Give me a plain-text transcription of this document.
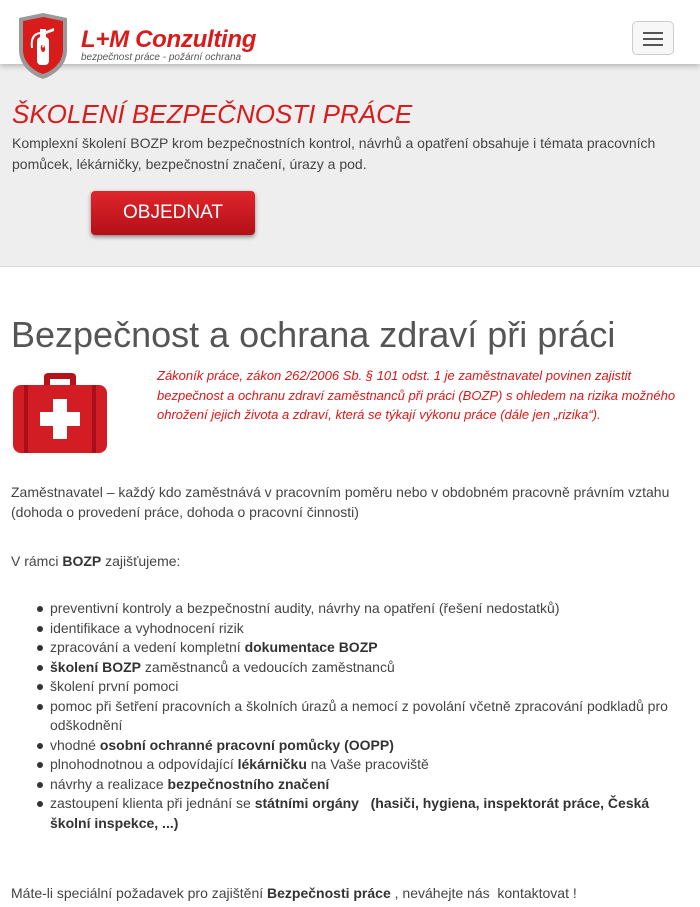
L+M Conzulting
bezpečnost práce - požární ochrana
ŠKOLENÍ BEZPEČNOSTI PRÁCE

Komplexní školení BOZP krom bezpečnostních kontrol, návrhů a opatření obsahuje i témata pracovních pomůcek, lékárničky, bezpečnostní značení, úrazy a pod.

OBJEDNAT
Bezpečnost a ochrana zdraví při práci

Zákoník práce, zákon 262/2006 Sb. § 101 odst. 1 je zaměstnavatel povinen zajistit bezpečnost a ochranu zdraví zaměstnanců při práci (BOZP) s ohledem na rizika možného ohrožení jejich života a zdraví, která se týkají výkonu práce (dále jen „rizika“).

Zaměstnavatel – každý kdo zaměstnává v pracovním poměru nebo v obdobném pracovně právním vztahu (dohoda o provedení práce, dohoda o pracovní činnosti)

V rámci BOZP zajišťujeme:

preventivní kontroly a bezpečnostní audity, návrhy na opatření (řešení nedostatků)
identifikace a vyhodnocení rizik
zpracování a vedení kompletní dokumentace BOZP
školení BOZP zaměstnanců a vedoucích zaměstnanců
školení první pomoci
pomoc při šetření pracovních a školních úrazů a nemocí z povolání včetně zpracování podkladů pro odškodnění
vhodné osobní ochranné pracovní pomůcky (OOPP)
plnohodnotnou a odpovídající lékárničku na Vaše pracoviště
návrhy a realizace bezpečnostního značení
zastoupení klienta při jednání se státními orgány   (hasiči, hygiena, inspektorát práce, Česká školní inspekce, ...)

Máte-li speciální požadavek pro zajištění Bezpečnosti práce , neváhejte nás  kontaktovat !
